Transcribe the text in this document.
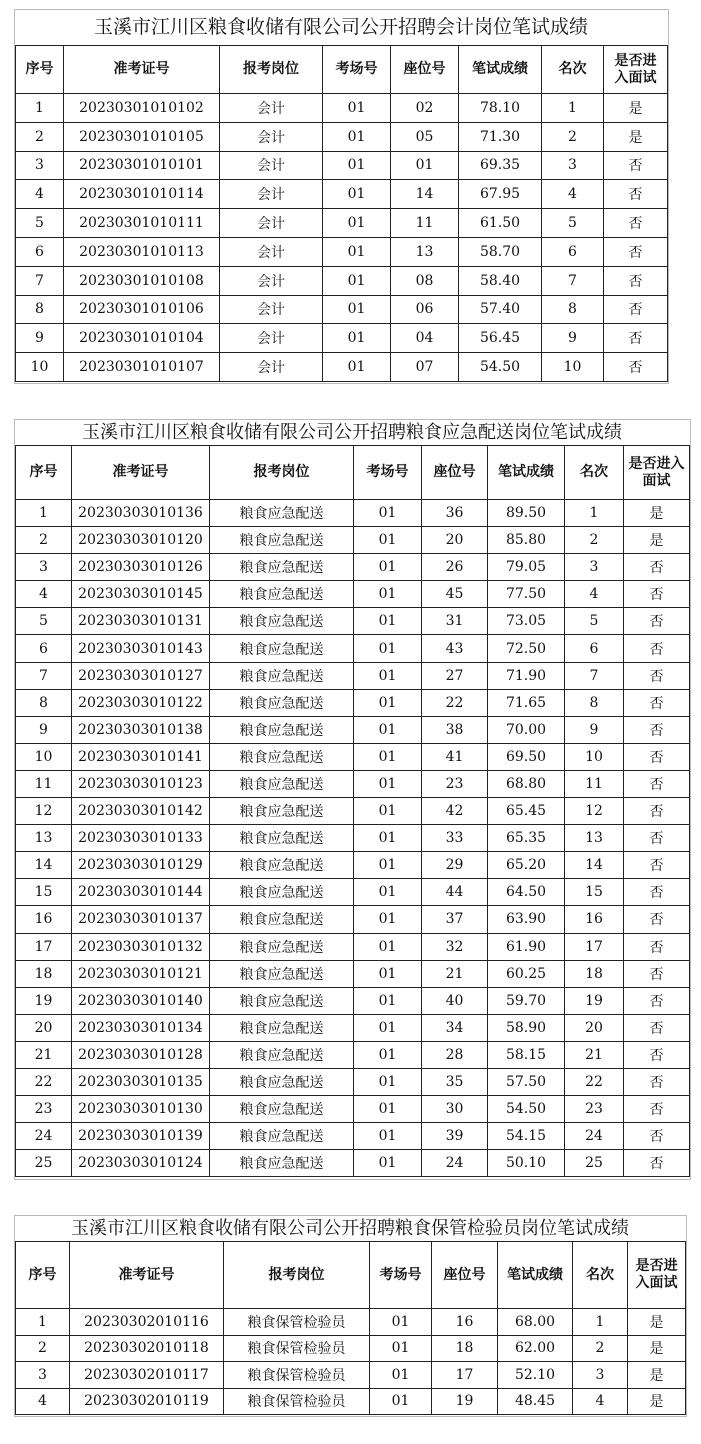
玉溪市江川区粮食收储有限公司公开招聘会计岗位笔试成绩
序号	准考证号	报考岗位	考场号	座位号	笔试成绩	名次	是否进入面试
1	20230301010102	会计	01	02	78.10	1	是
2	20230301010105	会计	01	05	71.30	2	是
3	20230301010101	会计	01	01	69.35	3	否
4	20230301010114	会计	01	14	67.95	4	否
5	20230301010111	会计	01	11	61.50	5	否
6	20230301010113	会计	01	13	58.70	6	否
7	20230301010108	会计	01	08	58.40	7	否
8	20230301010106	会计	01	06	57.40	8	否
9	20230301010104	会计	01	04	56.45	9	否
10	20230301010107	会计	01	07	54.50	10	否
玉溪市江川区粮食收储有限公司公开招聘粮食应急配送岗位笔试成绩
序号	准考证号	报考岗位	考场号	座位号	笔试成绩	名次	是否进入面试
1	20230303010136	粮食应急配送	01	36	89.50	1	是
2	20230303010120	粮食应急配送	01	20	85.80	2	是
3	20230303010126	粮食应急配送	01	26	79.05	3	否
4	20230303010145	粮食应急配送	01	45	77.50	4	否
5	20230303010131	粮食应急配送	01	31	73.05	5	否
6	20230303010143	粮食应急配送	01	43	72.50	6	否
7	20230303010127	粮食应急配送	01	27	71.90	7	否
8	20230303010122	粮食应急配送	01	22	71.65	8	否
9	20230303010138	粮食应急配送	01	38	70.00	9	否
10	20230303010141	粮食应急配送	01	41	69.50	10	否
11	20230303010123	粮食应急配送	01	23	68.80	11	否
12	20230303010142	粮食应急配送	01	42	65.45	12	否
13	20230303010133	粮食应急配送	01	33	65.35	13	否
14	20230303010129	粮食应急配送	01	29	65.20	14	否
15	20230303010144	粮食应急配送	01	44	64.50	15	否
16	20230303010137	粮食应急配送	01	37	63.90	16	否
17	20230303010132	粮食应急配送	01	32	61.90	17	否
18	20230303010121	粮食应急配送	01	21	60.25	18	否
19	20230303010140	粮食应急配送	01	40	59.70	19	否
20	20230303010134	粮食应急配送	01	34	58.90	20	否
21	20230303010128	粮食应急配送	01	28	58.15	21	否
22	20230303010135	粮食应急配送	01	35	57.50	22	否
23	20230303010130	粮食应急配送	01	30	54.50	23	否
24	20230303010139	粮食应急配送	01	39	54.15	24	否
25	20230303010124	粮食应急配送	01	24	50.10	25	否
玉溪市江川区粮食收储有限公司公开招聘粮食保管检验员岗位笔试成绩
序号	准考证号	报考岗位	考场号	座位号	笔试成绩	名次	是否进入面试
1	20230302010116	粮食保管检验员	01	16	68.00	1	是
2	20230302010118	粮食保管检验员	01	18	62.00	2	是
3	20230302010117	粮食保管检验员	01	17	52.10	3	是
4	20230302010119	粮食保管检验员	01	19	48.45	4	是
